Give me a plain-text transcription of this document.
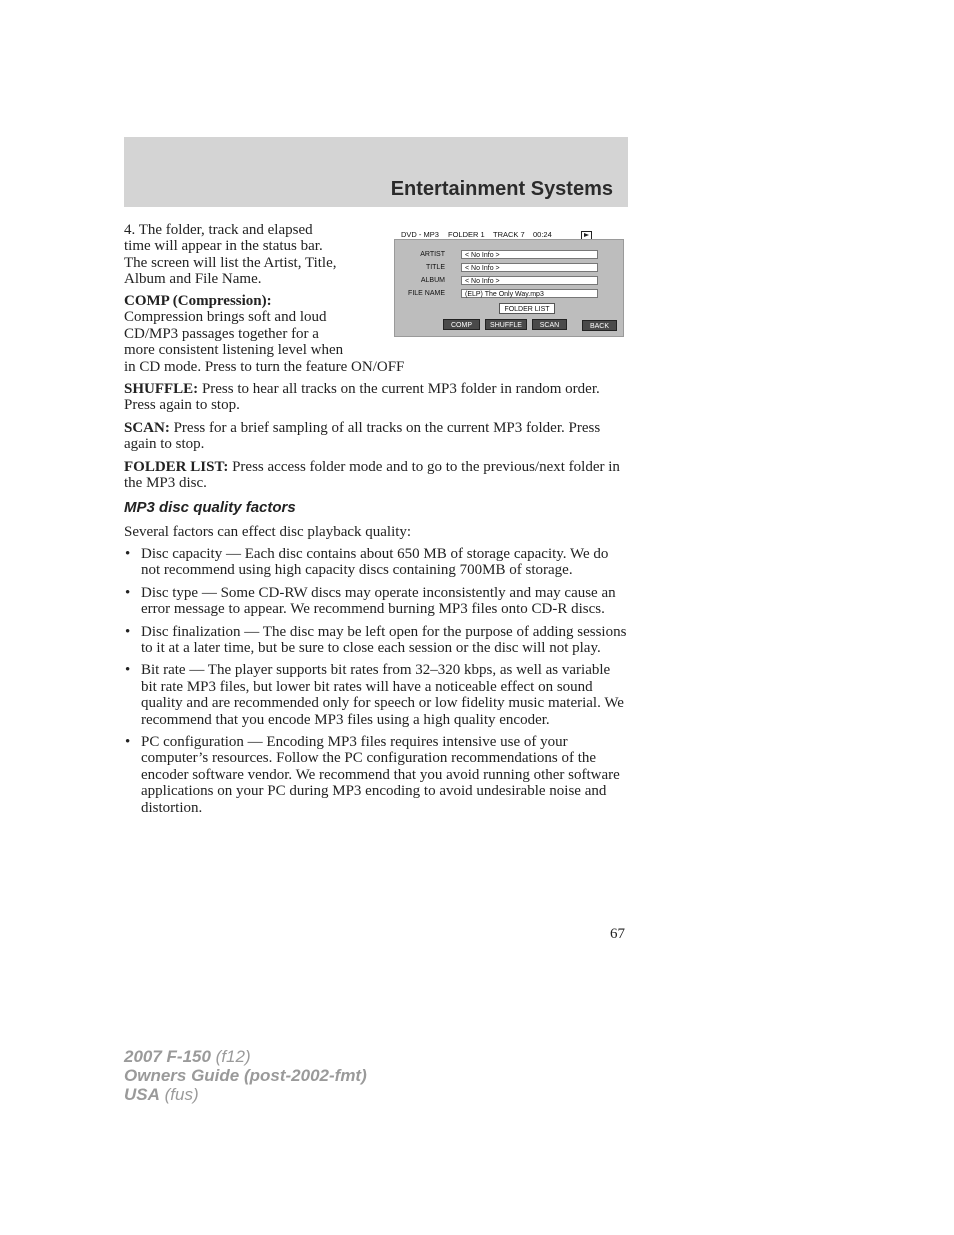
Entertainment Systems

4. The folder, track and elapsed

time will appear in the status bar.

The screen will list the Artist, Title,

Album and File Name.

COMP (Compression):

Compression brings soft and loud

CD/MP3 passages together for a

more consistent listening level when

in CD mode. Press to turn the feature ON/OFF

DVD - MP3 FOLDER 1 TRACK 7 00:24
ARTIST	< No Info >
TITLE	< No Info >
ALBUM	< No Info >
FILE NAME	(ELP) The Only Way.mp3
FOLDER LIST
COMP	SHUFFLE	SCAN	BACK

SHUFFLE: Press to hear all tracks on the current MP3 folder in random order. Press again to stop.

SCAN: Press for a brief sampling of all tracks on the current MP3 folder. Press again to stop.

FOLDER LIST: Press access folder mode and to go to the previous/next folder in the MP3 disc.

MP3 disc quality factors

Several factors can effect disc playback quality:

• Disc capacity — Each disc contains about 650 MB of storage capacity. We do not recommend using high capacity discs containing 700MB of storage.
• Disc type — Some CD-RW discs may operate inconsistently and may cause an error message to appear. We recommend burning MP3 files onto CD-R discs.
• Disc finalization — The disc may be left open for the purpose of adding sessions to it at a later time, but be sure to close each session or the disc will not play.
• Bit rate — The player supports bit rates from 32–320 kbps, as well as variable bit rate MP3 files, but lower bit rates will have a noticeable effect on sound quality and are recommended only for speech or low fidelity music material. We recommend that you encode MP3 files using a high quality encoder.
• PC configuration — Encoding MP3 files requires intensive use of your computer’s resources. Follow the PC configuration recommendations of the encoder software vendor. We recommend that you avoid running other software applications on your PC during MP3 encoding to avoid undesirable noise and distortion.
67
2007 F-150 (f12)
Owners Guide (post-2002-fmt)
USA (fus)
